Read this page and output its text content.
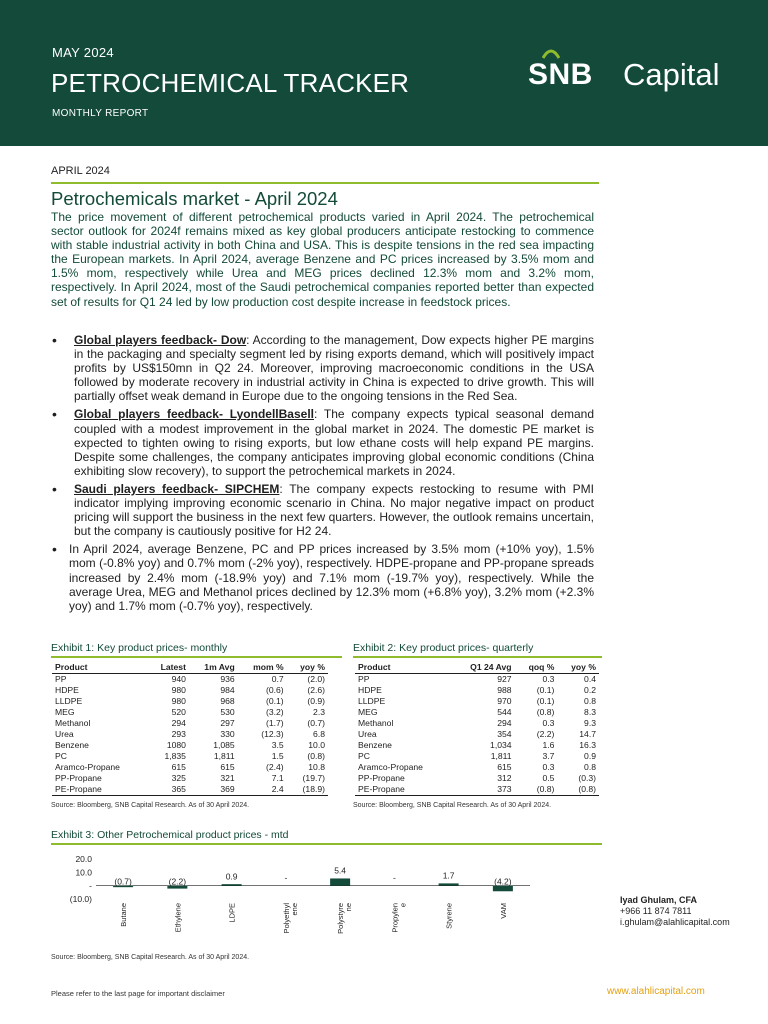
MAY 2024
PETROCHEMICAL TRACKER
MONTHLY REPORT
SNB Capital
APRIL 2024
Petrochemicals market - April 2024
The price movement of different petrochemical products varied in April 2024. The petrochemical sector outlook for 2024f remains mixed as key global producers anticipate restocking to commence with stable industrial activity in both China and USA. This is despite tensions in the red sea impacting the European markets. In April 2024, average Benzene and PC prices increased by 3.5% mom and 1.5% mom, respectively while Urea and MEG prices declined 12.3% mom and 3.2% mom, respectively. In April 2024, most of the Saudi petrochemical companies reported better than expected set of results for Q1 24 led by low production cost despite increase in feedstock prices.
• Global players feedback- Dow: According to the management, Dow expects higher PE margins in the packaging and specialty segment led by rising exports demand, which will positively impact profits by US$150mn in Q2 24. Moreover, improving macroeconomic conditions in the USA followed by moderate recovery in industrial activity in China is expected to drive growth. This will partially offset weak demand in Europe due to the ongoing tensions in the Red Sea.
• Global players feedback- LyondellBasell: The company expects typical seasonal demand coupled with a modest improvement in the global market in 2024. The domestic PE market is expected to tighten owing to rising exports, but low ethane costs will help expand PE margins. Despite some challenges, the company anticipates improving global economic conditions (China exhibiting slow recovery), to support the petrochemical markets in 2024.
• Saudi players feedback- SIPCHEM: The company expects restocking to resume with PMI indicator implying improving economic scenario in China. No major negative impact on product pricing will support the business in the next few quarters. However, the outlook remains uncertain, but the company is cautiously positive for H2 24.
• In April 2024, average Benzene, PC and PP prices increased by 3.5% mom (+10% yoy), 1.5% mom (-0.8% yoy) and 0.7% mom (-2% yoy), respectively. HDPE-propane and PP-propane spreads increased by 2.4% mom (-18.9% yoy) and 7.1% mom (-19.7% yoy), respectively. While the average Urea, MEG and Methanol prices declined by 12.3% mom (+6.8% yoy), 3.2% mom (+2.3% yoy) and 1.7% mom (-0.7% yoy), respectively.
Exhibit 1: Key product prices- monthly
Product	Latest	1m Avg	mom %	yoy %
PP	940	936	0.7	(2.0)
HDPE	980	984	(0.6)	(2.6)
LLDPE	980	968	(0.1)	(0.9)
MEG	520	530	(3.2)	2.3
Methanol	294	297	(1.7)	(0.7)
Urea	293	330	(12.3)	6.8
Benzene	1080	1,085	3.5	10.0
PC	1,835	1,811	1.5	(0.8)
Aramco-Propane	615	615	(2.4)	10.8
PP-Propane	325	321	7.1	(19.7)
PE-Propane	365	369	2.4	(18.9)
Source: Bloomberg, SNB Capital Research. As of 30 April 2024.
Exhibit 2: Key product prices- quarterly
Product	Q1 24 Avg	qoq %	yoy %
PP	927	0.3	0.4
HDPE	988	(0.1)	0.2
LLDPE	970	(0.1)	0.8
MEG	544	(0.8)	8.3
Methanol	294	0.3	9.3
Urea	354	(2.2)	14.7
Benzene	1,034	1.6	16.3
PC	1,811	3.7	0.9
Aramco-Propane	615	0.3	0.8
PP-Propane	312	0.5	(0.3)
PE-Propane	373	(0.8)	(0.8)
Source: Bloomberg, SNB Capital Research. As of 30 April 2024.
Exhibit 3: Other Petrochemical product prices - mtd
20.0
10.0
-
(10.0)
(0.7)
Butane
(2.2)
Ethylene
0.9
LDPE
-
Polyethyl ene
5.4
Polystyre ne
-
Propylen e
1.7
Styrene
(4.2)
VAM
Source: Bloomberg, SNB Capital Research. As of 30 April 2024.
Iyad Ghulam, CFA
+966 11 874 7811
i.ghulam@alahlicapital.com
Please refer to the last page for important disclaimer	www.alahlicapital.com
